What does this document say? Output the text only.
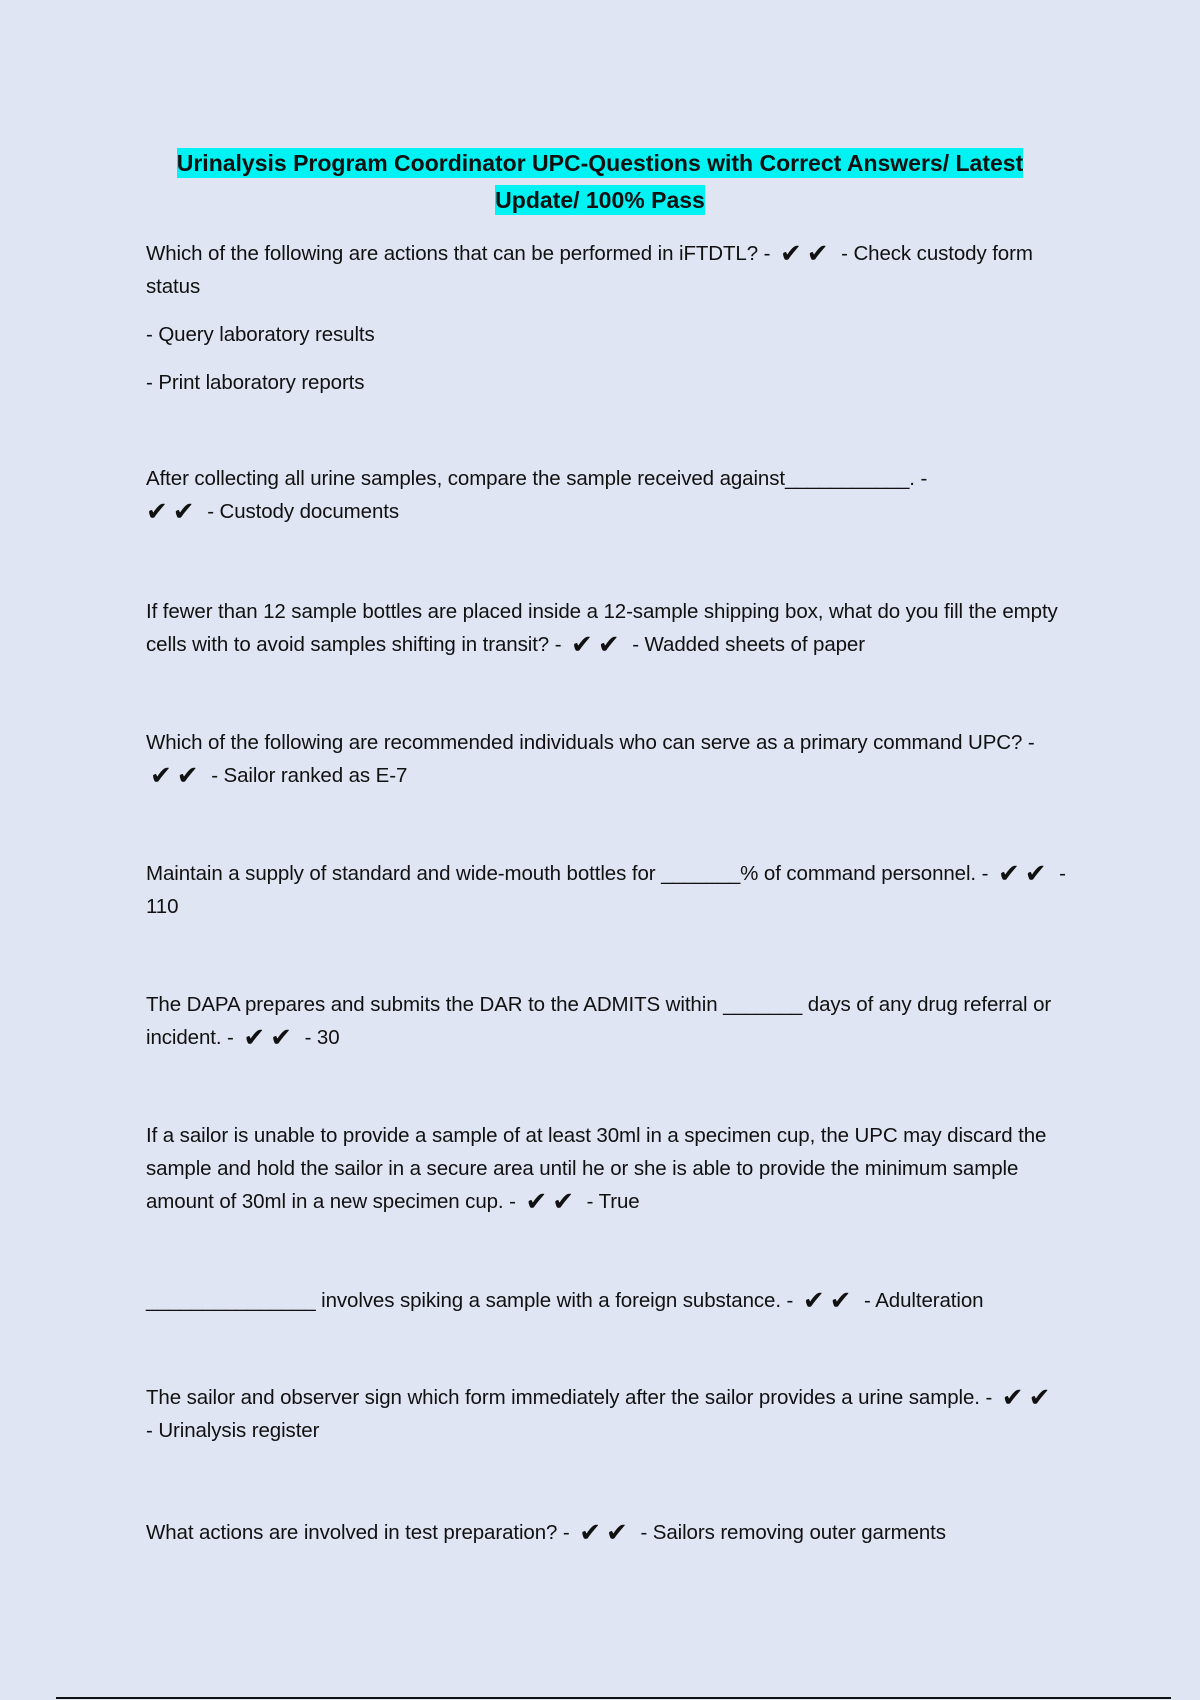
Urinalysis Program Coordinator UPC-Questions with Correct Answers/ Latest
Update/ 100% Pass

Which of the following are actions that can be performed in iFTDTL? - ✔✔ - Check custody form status

- Query laboratory results

- Print laboratory reports

After collecting all urine samples, compare the sample received against___________. -
✔✔ - Custody documents

If fewer than 12 sample bottles are placed inside a 12-sample shipping box, what do you fill the empty cells with to avoid samples shifting in transit? - ✔✔ - Wadded sheets of paper

Which of the following are recommended individuals who can serve as a primary command UPC? - ✔✔ - Sailor ranked as E-7

Maintain a supply of standard and wide-mouth bottles for _______% of command personnel. - ✔✔ - 110

The DAPA prepares and submits the DAR to the ADMITS within _______ days of any drug referral or incident. - ✔✔ - 30

If a sailor is unable to provide a sample of at least 30ml in a specimen cup, the UPC may discard the sample and hold the sailor in a secure area until he or she is able to provide the minimum sample amount of 30ml in a new specimen cup. - ✔✔ - True

_______________ involves spiking a sample with a foreign substance. - ✔✔ - Adulteration

The sailor and observer sign which form immediately after the sailor provides a urine sample. - ✔✔ - Urinalysis register

What actions are involved in test preparation? - ✔✔ - Sailors removing outer garments
